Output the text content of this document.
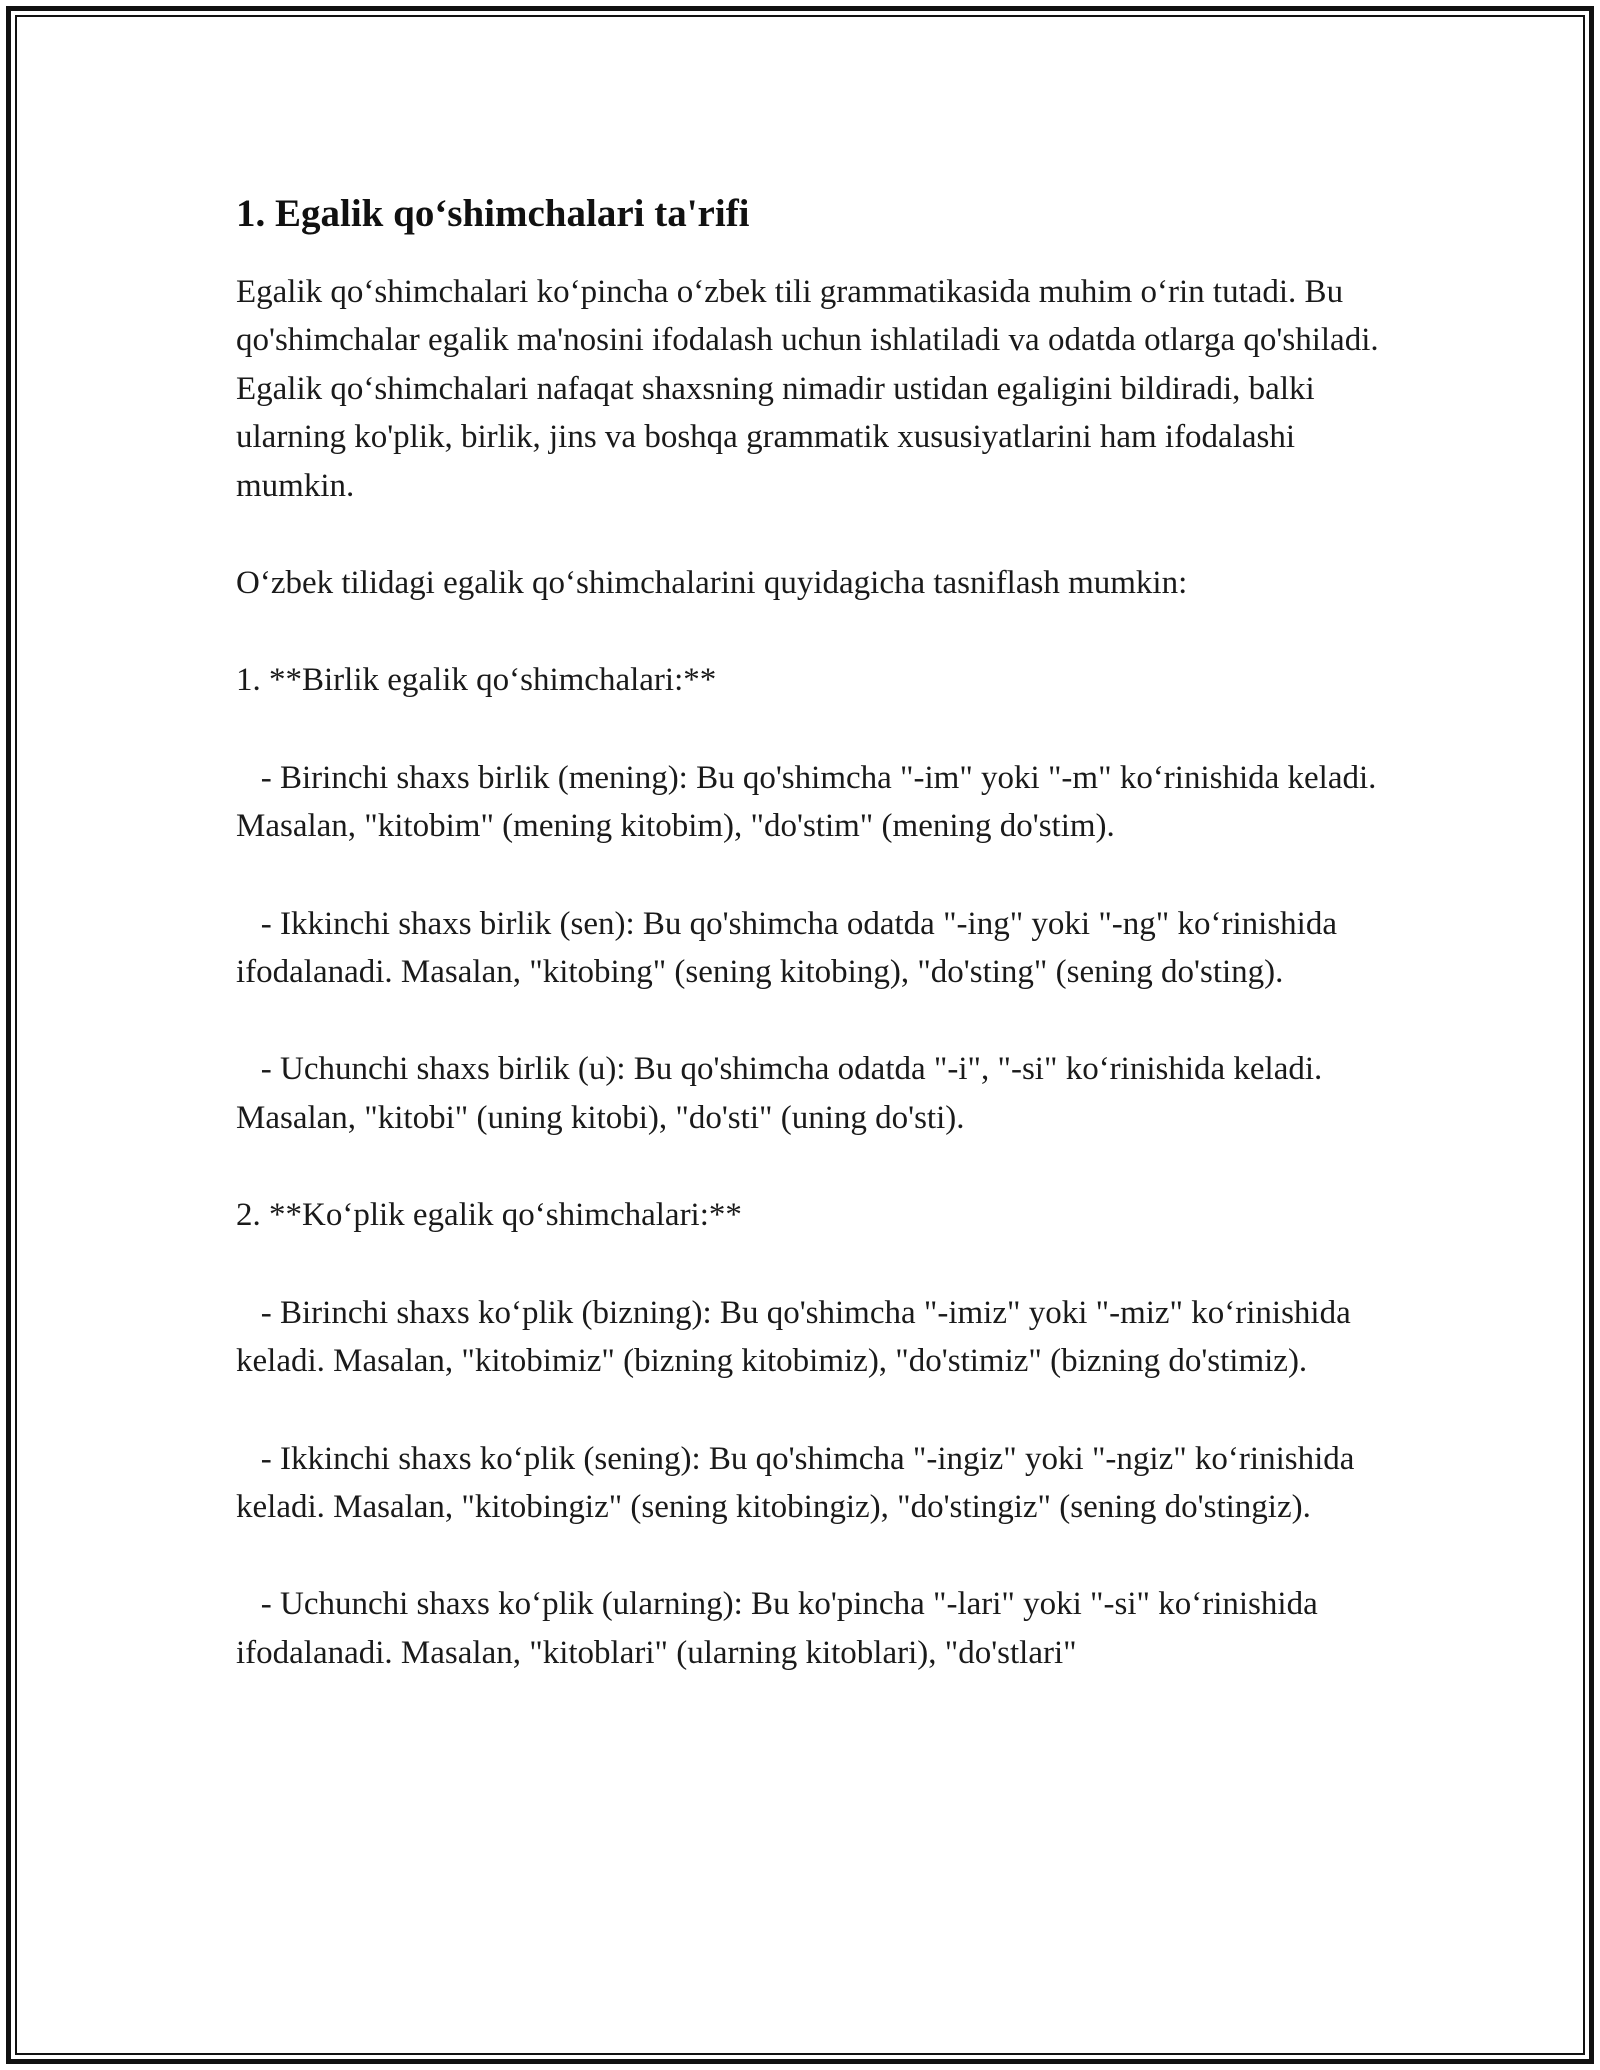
1. Egalik qo‘shimchalari ta'rifi

Egalik qo‘shimchalari ko‘pincha o‘zbek tili grammatikasida muhim o‘rin tutadi. Bu qo'shimchalar egalik ma'nosini ifodalash uchun ishlatiladi va odatda otlarga qo'shiladi. Egalik qo‘shimchalari nafaqat shaxsning nimadir ustidan egaligini bildiradi, balki ularning ko'plik, birlik, jins va boshqa grammatik xususiyatlarini ham ifodalashi mumkin.

O‘zbek tilidagi egalik qo‘shimchalarini quyidagicha tasniflash mumkin:

1. **Birlik egalik qo‘shimchalari:**

- Birinchi shaxs birlik (mening): Bu qo'shimcha "-im" yoki "-m" ko‘rinishida keladi. Masalan, "kitobim" (mening kitobim), "do'stim" (mening do'stim).

- Ikkinchi shaxs birlik (sen): Bu qo'shimcha odatda "-ing" yoki "-ng" ko‘rinishida ifodalanadi. Masalan, "kitobing" (sening kitobing), "do'sting" (sening do'sting).

- Uchunchi shaxs birlik (u): Bu qo'shimcha odatda "-i", "-si" ko‘rinishida keladi. Masalan, "kitobi" (uning kitobi), "do'sti" (uning do'sti).

2. **Ko‘plik egalik qo‘shimchalari:**

- Birinchi shaxs ko‘plik (bizning): Bu qo'shimcha "-imiz" yoki "-miz" ko‘rinishida keladi. Masalan, "kitobimiz" (bizning kitobimiz), "do'stimiz" (bizning do'stimiz).

- Ikkinchi shaxs ko‘plik (sening): Bu qo'shimcha "-ingiz" yoki "-ngiz" ko‘rinishida keladi. Masalan, "kitobingiz" (sening kitobingiz), "do'stingiz" (sening do'stingiz).

- Uchunchi shaxs ko‘plik (ularning): Bu ko'pincha "-lari" yoki "-si" ko‘rinishida ifodalanadi. Masalan, "kitoblari" (ularning kitoblari), "do'stlari"
